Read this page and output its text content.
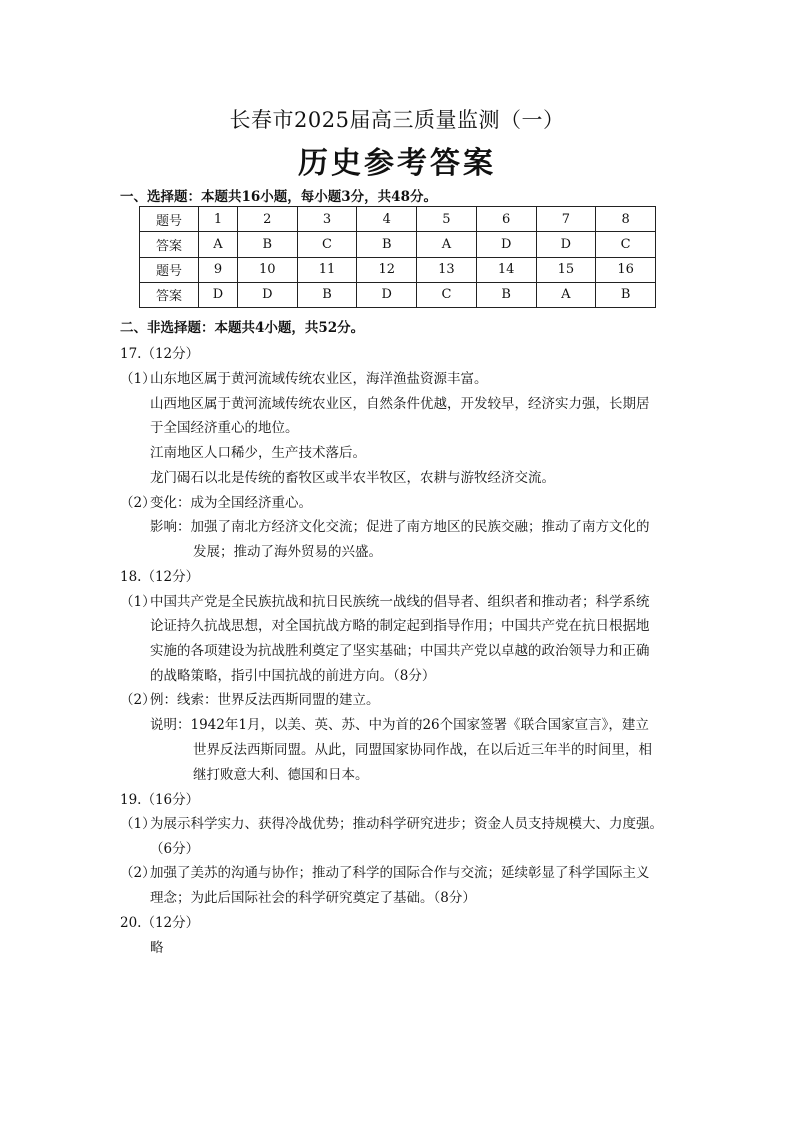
长春市2025届高三质量监测（一）
历史参考答案
一、选择题：本题共16小题，每小题3分，共48分。
题号	1	2	3	4	5	6	7	8
答案	A	B	C	B	A	D	D	C
题号	9	10	11	12	13	14	15	16
答案	D	D	B	D	C	B	A	B
二、非选择题：本题共4小题，共52分。
17.（12分）
（1）
山东地区属于黄河流域传统农业区，海洋渔盐资源丰富。
山西地区属于黄河流域传统农业区，自然条件优越，开发较早，经济实力强，长期居
于全国经济重心的地位。
江南地区人口稀少，生产技术落后。
龙门碣石以北是传统的畜牧区或半农半牧区，农耕与游牧经济交流。
（2）
变化：成为全国经济重心。
影响：加强了南北方经济文化交流；促进了南方地区的民族交融；推动了南方文化的
发展；推动了海外贸易的兴盛。
18.（12分）
（1）
中国共产党是全民族抗战和抗日民族统一战线的倡导者、组织者和推动者；科学系统
论证持久抗战思想，对全国抗战方略的制定起到指导作用；中国共产党在抗日根据地
实施的各项建设为抗战胜利奠定了坚实基础；中国共产党以卓越的政治领导力和正确
的战略策略，指引中国抗战的前进方向。（8分）
（2）
例：线索：世界反法西斯同盟的建立。
说明：1942年1月，以美、英、苏、中为首的26个国家签署《联合国家宣言》，建立
世界反法西斯同盟。从此，同盟国家协同作战，在以后近三年半的时间里，相
继打败意大利、德国和日本。
19.（16分）
（1）
为展示科学实力、获得冷战优势；推动科学研究进步；资金人员支持规模大、力度强。
（6分）
（2）
加强了美苏的沟通与协作；推动了科学的国际合作与交流；延续彰显了科学国际主义
理念；为此后国际社会的科学研究奠定了基础。（8分）
20.（12分）
略
